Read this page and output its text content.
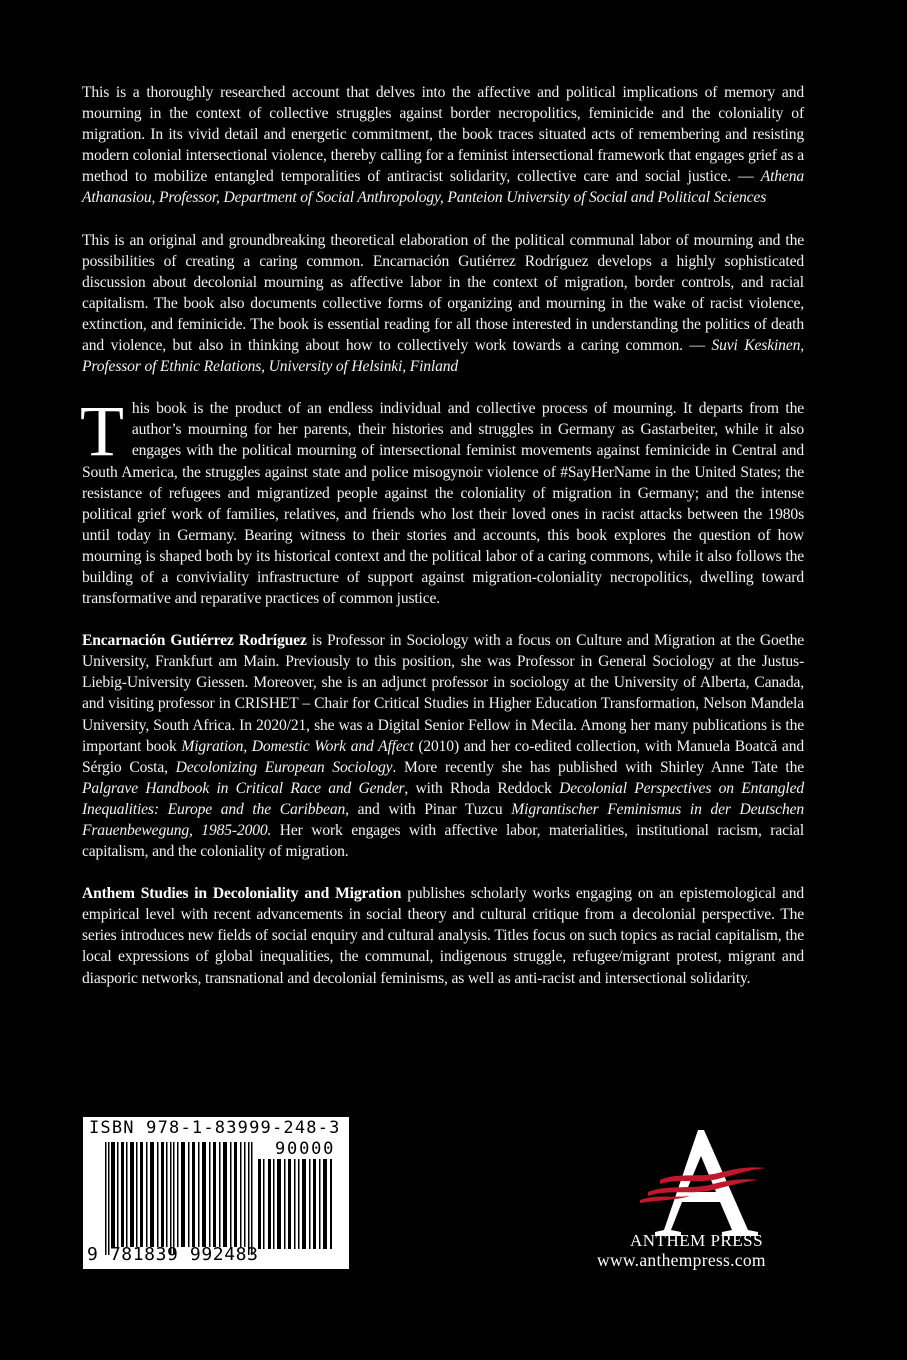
This is a thoroughly researched account that delves into the affective and political implications of memory and mourning in the context of collective struggles against border necropolitics, feminicide and the coloniality of migration. In its vivid detail and energetic commitment, the book traces situated acts of remembering and resisting modern colonial intersectional violence, thereby calling for a feminist intersectional framework that engages grief as a method to mobilize entangled temporalities of antiracist solidarity, collective care and social justice. — Athena Athanasiou, Professor, Department of Social Anthropology, Panteion University of Social and Political Sciences

This is an original and groundbreaking theoretical elaboration of the political communal labor of mourning and the possibilities of creating a caring common. Encarnación Gutiérrez Rodríguez develops a highly sophisticated discussion about decolonial mourning as affective labor in the context of migration, border controls, and racial capitalism. The book also documents collective forms of organizing and mourning in the wake of racist violence, extinction, and feminicide. The book is essential reading for all those interested in understanding the politics of death and violence, but also in thinking about how to collectively work towards a caring common. — Suvi Keskinen, Professor of Ethnic Relations, University of Helsinki, Finland

This book is the product of an endless individual and collective process of mourning. It departs from the author’s mourning for her parents, their histories and struggles in Germany as Gastarbeiter, while it also engages with the political mourning of intersectional feminist movements against feminicide in Central and South America, the struggles against state and police misogynoir violence of #SayHerName in the United States; the resistance of refugees and migrantized people against the coloniality of migration in Germany; and the intense political grief work of families, relatives, and friends who lost their loved ones in racist attacks between the 1980s until today in Germany. Bearing witness to their stories and accounts, this book explores the question of how mourning is shaped both by its historical context and the political labor of a caring commons, while it also follows the building of a conviviality infrastructure of support against migration-coloniality necropolitics, dwelling toward transformative and reparative practices of common justice.

Encarnación Gutiérrez Rodríguez is Professor in Sociology with a focus on Culture and Migration at the Goethe University, Frankfurt am Main. Previously to this position, she was Professor in General Sociology at the Justus-Liebig-University Giessen. Moreover, she is an adjunct professor in sociology at the University of Alberta, Canada, and visiting professor in CRISHET – Chair for Critical Studies in Higher Education Transformation, Nelson Mandela University, South Africa. In 2020/21, she was a Digital Senior Fellow in Mecila. Among her many publications is the important book Migration, Domestic Work and Affect (2010) and her co-edited collection, with Manuela Boatcă and Sérgio Costa, Decolonizing European Sociology. More recently she has published with Shirley Anne Tate the Palgrave Handbook in Critical Race and Gender, with Rhoda Reddock Decolonial Perspectives on Entangled Inequalities: Europe and the Caribbean, and with Pinar Tuzcu Migrantischer Feminismus in der Deutschen Frauenbewegung, 1985-2000. Her work engages with affective labor, materialities, institutional racism, racial capitalism, and the coloniality of migration.

Anthem Studies in Decoloniality and Migration publishes scholarly works engaging on an epistemological and empirical level with recent advancements in social theory and cultural critique from a decolonial perspective. The series introduces new fields of social enquiry and cultural analysis. Titles focus on such topics as racial capitalism, the local expressions of global inequalities, the communal, indigenous struggle, refugee/migrant protest, migrant and diasporic networks, transnational and decolonial feminisms, as well as anti-racist and intersectional solidarity.

ISBN 978-1-83999-248-3
90000
9 781839 992483
ANTHEM PRESS
www.anthempress.com
